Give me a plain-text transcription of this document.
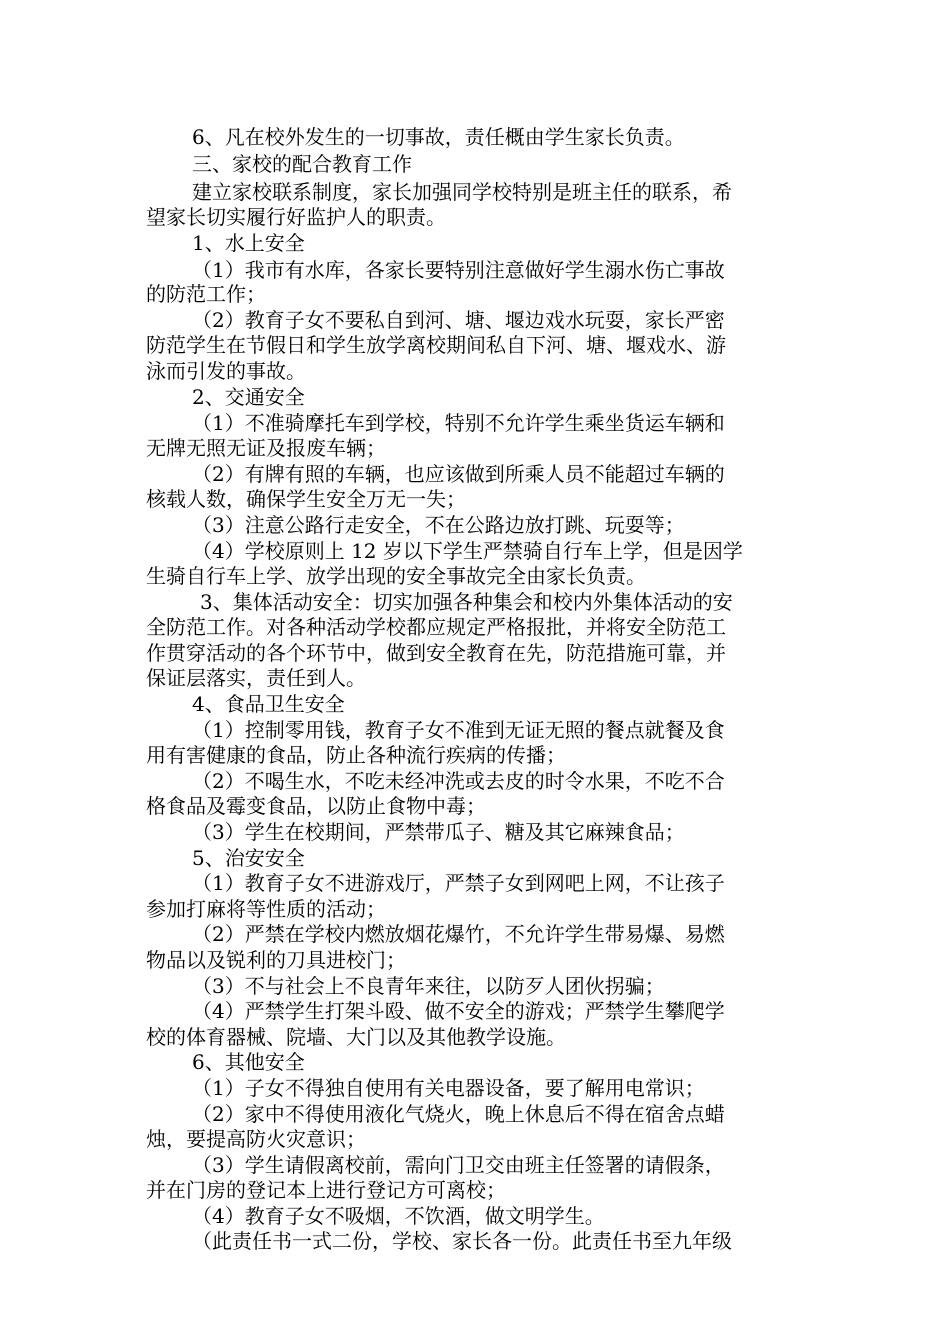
6、凡在校外发生的一切事故，责任概由学生家长负责。
三、家校的配合教育工作
建立家校联系制度，家长加强同学校特别是班主任的联系，希
望家长切实履行好监护人的职责。
1、水上安全
（1）我市有水库，各家长要特别注意做好学生溺水伤亡事故
的防范工作；
（2）教育子女不要私自到河、塘、堰边戏水玩耍，家长严密
防范学生在节假日和学生放学离校期间私自下河、塘、堰戏水、游
泳而引发的事故。
2、交通安全
（1）不准骑摩托车到学校，特别不允许学生乘坐货运车辆和
无牌无照无证及报废车辆；
（2）有牌有照的车辆，也应该做到所乘人员不能超过车辆的
核载人数，确保学生安全万无一失；
（3）注意公路行走安全，不在公路边放打跳、玩耍等；
（4）学校原则上 12 岁以下学生严禁骑自行车上学，但是因学
生骑自行车上学、放学出现的安全事故完全由家长负责。
3、集体活动安全：切实加强各种集会和校内外集体活动的安
全防范工作。对各种活动学校都应规定严格报批，并将安全防范工
作贯穿活动的各个环节中，做到安全教育在先，防范措施可靠，并
保证层落实，责任到人。
4、食品卫生安全
（1）控制零用钱，教育子女不准到无证无照的餐点就餐及食
用有害健康的食品，防止各种流行疾病的传播；
（2）不喝生水，不吃未经冲洗或去皮的时令水果，不吃不合
格食品及霉变食品，以防止食物中毒；
（3）学生在校期间，严禁带瓜子、糖及其它麻辣食品；
5、治安安全
（1）教育子女不进游戏厅，严禁子女到网吧上网，不让孩子
参加打麻将等性质的活动；
（2）严禁在学校内燃放烟花爆竹，不允许学生带易爆、易燃
物品以及锐利的刀具进校门；
（3）不与社会上不良青年来往，以防歹人团伙拐骗；
（4）严禁学生打架斗殴、做不安全的游戏；严禁学生攀爬学
校的体育器械、院墙、大门以及其他教学设施。
6、其他安全
（1）子女不得独自使用有关电器设备，要了解用电常识；
（2）家中不得使用液化气烧火，晚上休息后不得在宿舍点蜡
烛，要提高防火灾意识；
（3）学生请假离校前，需向门卫交由班主任签署的请假条，
并在门房的登记本上进行登记方可离校；
（4）教育子女不吸烟，不饮酒，做文明学生。
（此责任书一式二份，学校、家长各一份。此责任书至九年级
